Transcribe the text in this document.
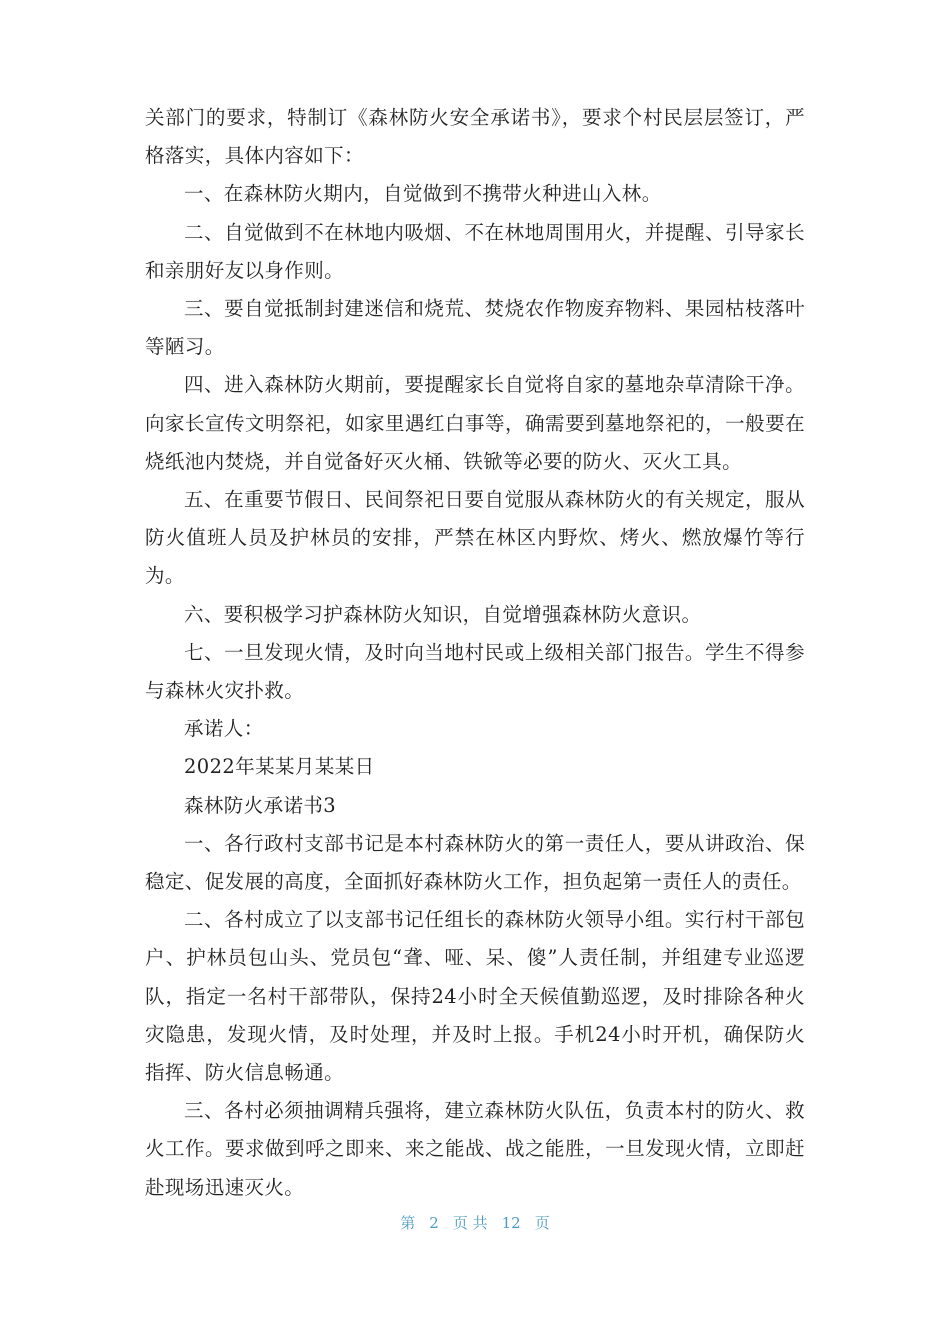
关部门的要求，特制订《森林防火安全承诺书》，要求个村民层层签订，严格落实，具体内容如下：

一、在森林防火期内，自觉做到不携带火种进山入林。

二、自觉做到不在林地内吸烟、不在林地周围用火，并提醒、引导家长和亲朋好友以身作则。

三、要自觉抵制封建迷信和烧荒、焚烧农作物废弃物料、果园枯枝落叶等陋习。

四、进入森林防火期前，要提醒家长自觉将自家的墓地杂草清除干净。向家长宣传文明祭祀，如家里遇红白事等，确需要到墓地祭祀的，一般要在烧纸池内焚烧，并自觉备好灭火桶、铁锨等必要的防火、灭火工具。

五、在重要节假日、民间祭祀日要自觉服从森林防火的有关规定，服从防火值班人员及护林员的安排，严禁在林区内野炊、烤火、燃放爆竹等行为。

六、要积极学习护森林防火知识，自觉增强森林防火意识。

七、一旦发现火情，及时向当地村民或上级相关部门报告。学生不得参与森林火灾扑救。

承诺人：

2022年某某月某某日

森林防火承诺书3

一、各行政村支部书记是本村森林防火的第一责任人，要从讲政治、保稳定、促发展的高度，全面抓好森林防火工作，担负起第一责任人的责任。

二、各村成立了以支部书记任组长的森林防火领导小组。实行村干部包户、护林员包山头、党员包“聋、哑、呆、傻”人责任制，并组建专业巡逻队，指定一名村干部带队，保持24小时全天候值勤巡逻，及时排除各种火灾隐患，发现火情，及时处理，并及时上报。手机24小时开机，确保防火指挥、防火信息畅通。

三、各村必须抽调精兵强将，建立森林防火队伍，负责本村的防火、救火工作。要求做到呼之即来、来之能战、战之能胜，一旦发现火情，立即赶赴现场迅速灭火。

第 2 页 共 12 页
